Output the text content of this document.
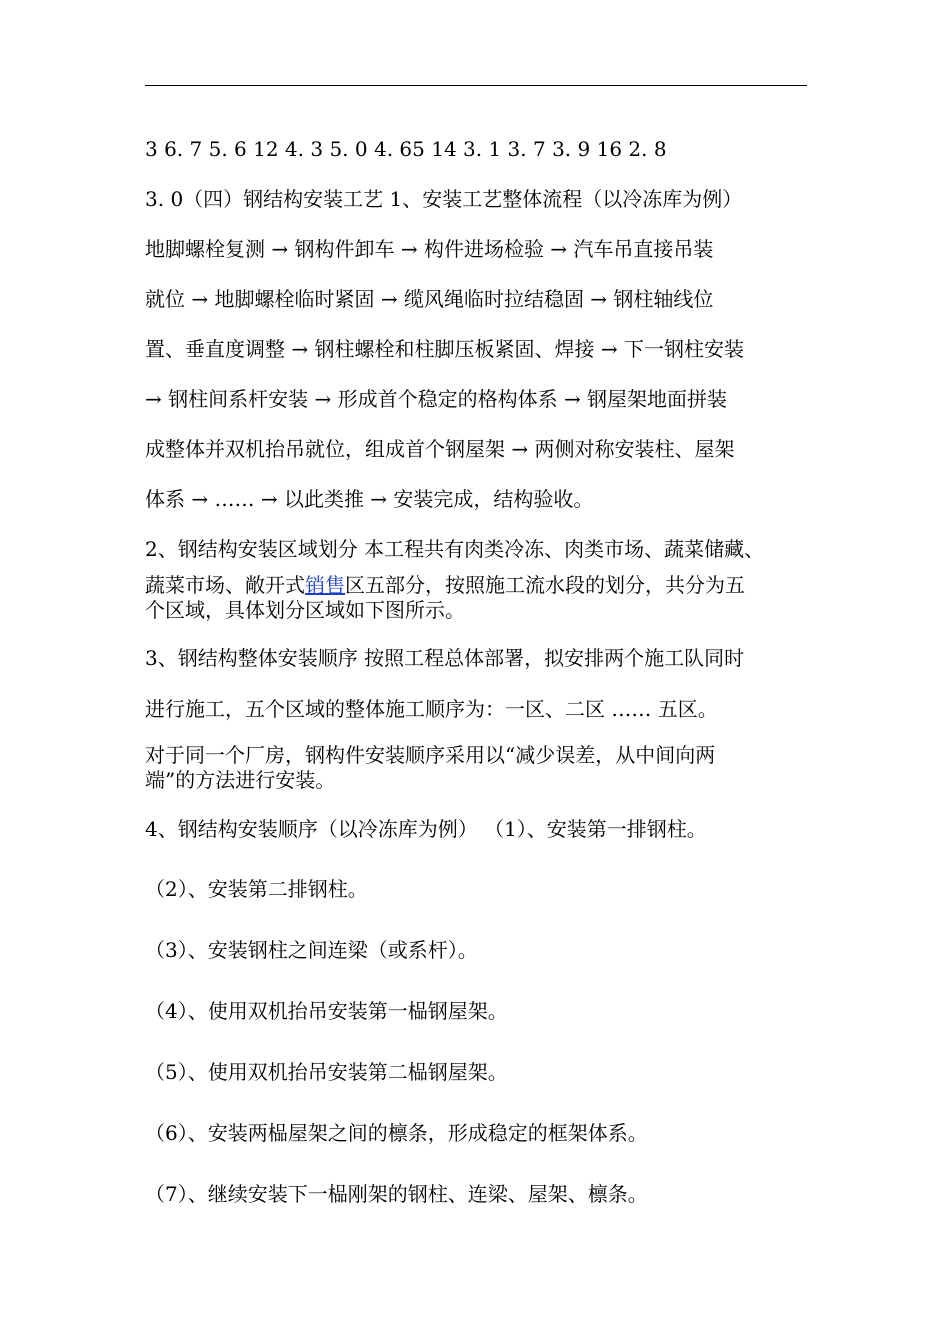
3 6. 7 5. 6 12 4. 3 5. 0 4. 65 14 3. 1 3. 7 3. 9 16 2. 8
3. 0（四）钢结构安装工艺 1、安装工艺整体流程（以冷冻库为例）
地脚螺栓复测 → 钢构件卸车 → 构件进场检验 → 汽车吊直接吊装
就位 → 地脚螺栓临时紧固 → 缆风绳临时拉结稳固 → 钢柱轴线位
置、垂直度调整 → 钢柱螺栓和柱脚压板紧固、焊接 → 下一钢柱安装
→ 钢柱间系杆安装 → 形成首个稳定的格构体系 → 钢屋架地面拼装
成整体并双机抬吊就位，组成首个钢屋架 → 两侧对称安装柱、屋架
体系 → …… → 以此类推 → 安装完成，结构验收。
2、钢结构安装区域划分 本工程共有肉类冷冻、肉类市场、蔬菜储藏、
蔬菜市场、敞开式销售区五部分，按照施工流水段的划分，共分为五
个区域，具体划分区域如下图所示。
3、钢结构整体安装顺序 按照工程总体部署，拟安排两个施工队同时
进行施工，五个区域的整体施工顺序为：一区、二区 …… 五区。
对于同一个厂房，钢构件安装顺序采用以“减少误差，从中间向两
端”的方法进行安装。
4、钢结构安装顺序（以冷冻库为例） （1）、安装第一排钢柱。
（2）、安装第二排钢柱。
（3）、安装钢柱之间连梁（或系杆）。
（4）、使用双机抬吊安装第一榀钢屋架。
（5）、使用双机抬吊安装第二榀钢屋架。
（6）、安装两榀屋架之间的檩条，形成稳定的框架体系。
（7）、继续安装下一榀刚架的钢柱、连梁、屋架、檩条。
